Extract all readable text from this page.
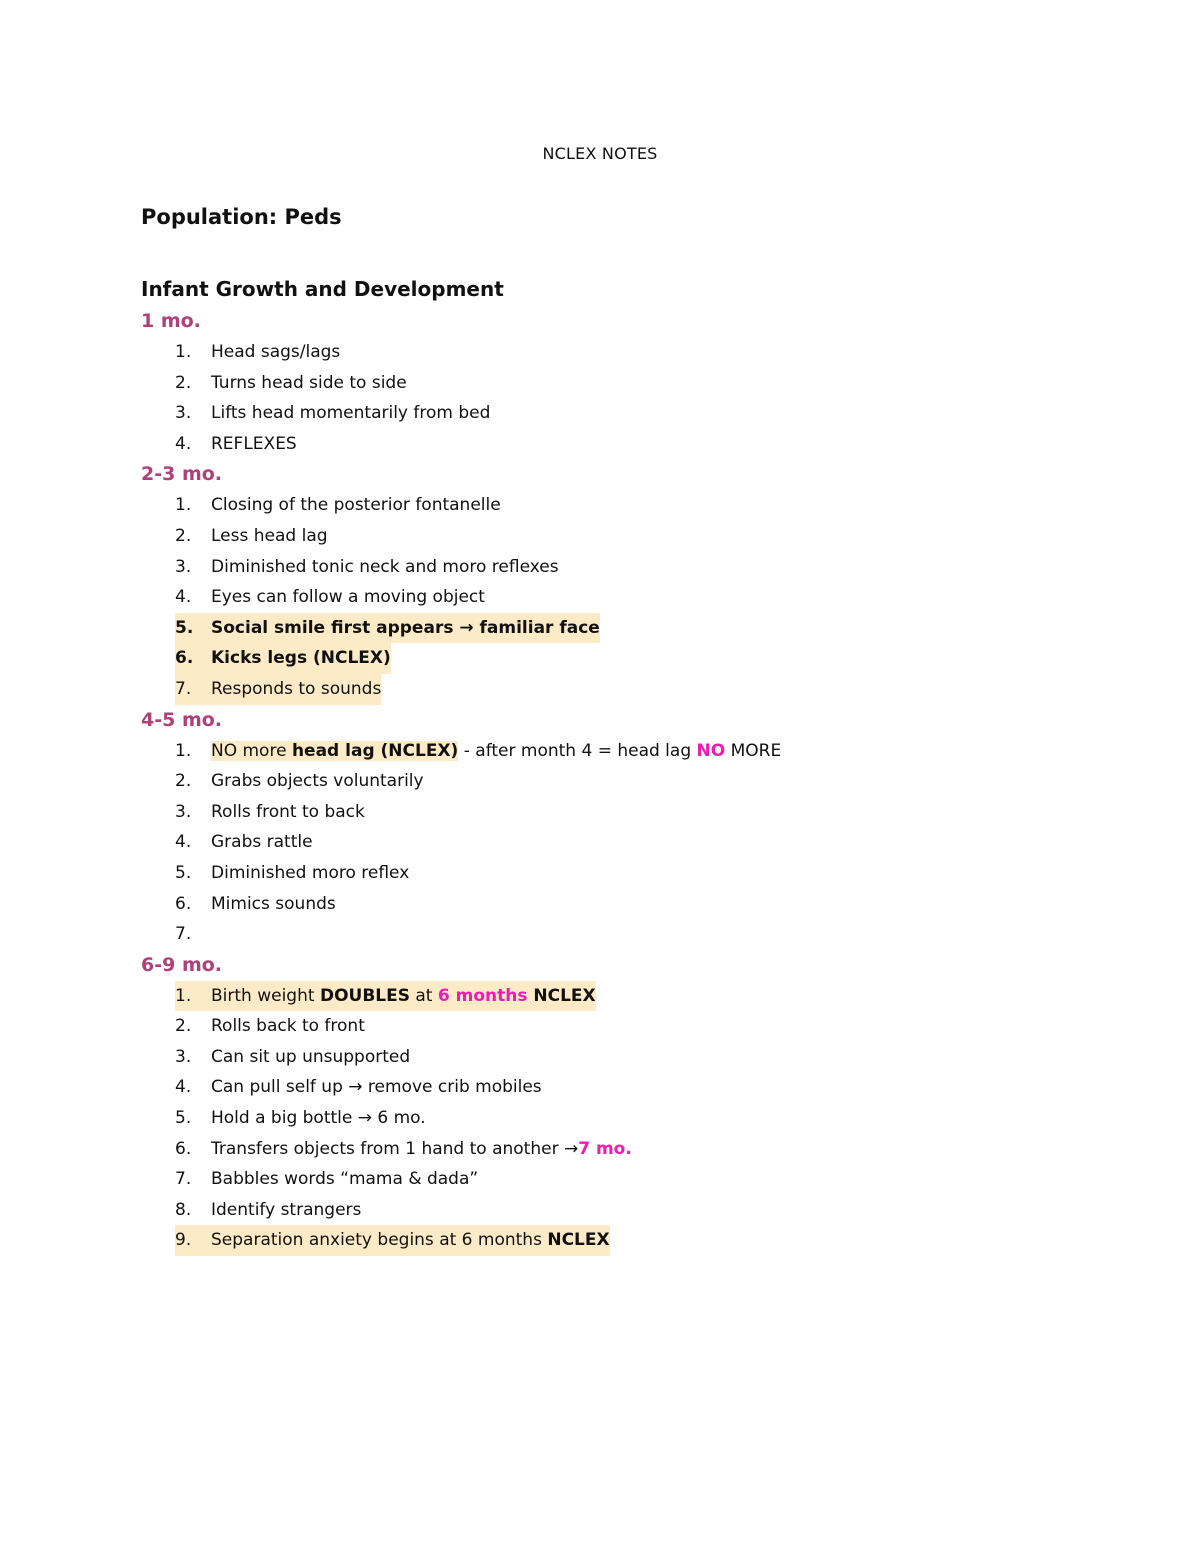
NCLEX NOTES
Population: Peds
Infant Growth and Development
1 mo.
1.	Head sags/lags
2.	Turns head side to side
3.	Lifts head momentarily from bed
4.	REFLEXES
2-3 mo.
1.	Closing of the posterior fontanelle
2.	Less head lag
3.	Diminished tonic neck and moro reflexes
4.	Eyes can follow a moving object
5.	Social smile first appears → familiar face
6.	Kicks legs (NCLEX)
7.	Responds to sounds
4-5 mo.
1.	NO more head lag (NCLEX) - after month 4 = head lag NO MORE
2.	Grabs objects voluntarily
3.	Rolls front to back
4.	Grabs rattle
5.	Diminished moro reflex
6.	Mimics sounds
7.
6-9 mo.
1.	Birth weight DOUBLES at 6 months NCLEX
2.	Rolls back to front
3.	Can sit up unsupported
4.	Can pull self up → remove crib mobiles
5.	Hold a big bottle → 6 mo.
6.	Transfers objects from 1 hand to another →7 mo.
7.	Babbles words “mama & dada”
8.	Identify strangers
9.	Separation anxiety begins at 6 months NCLEX
